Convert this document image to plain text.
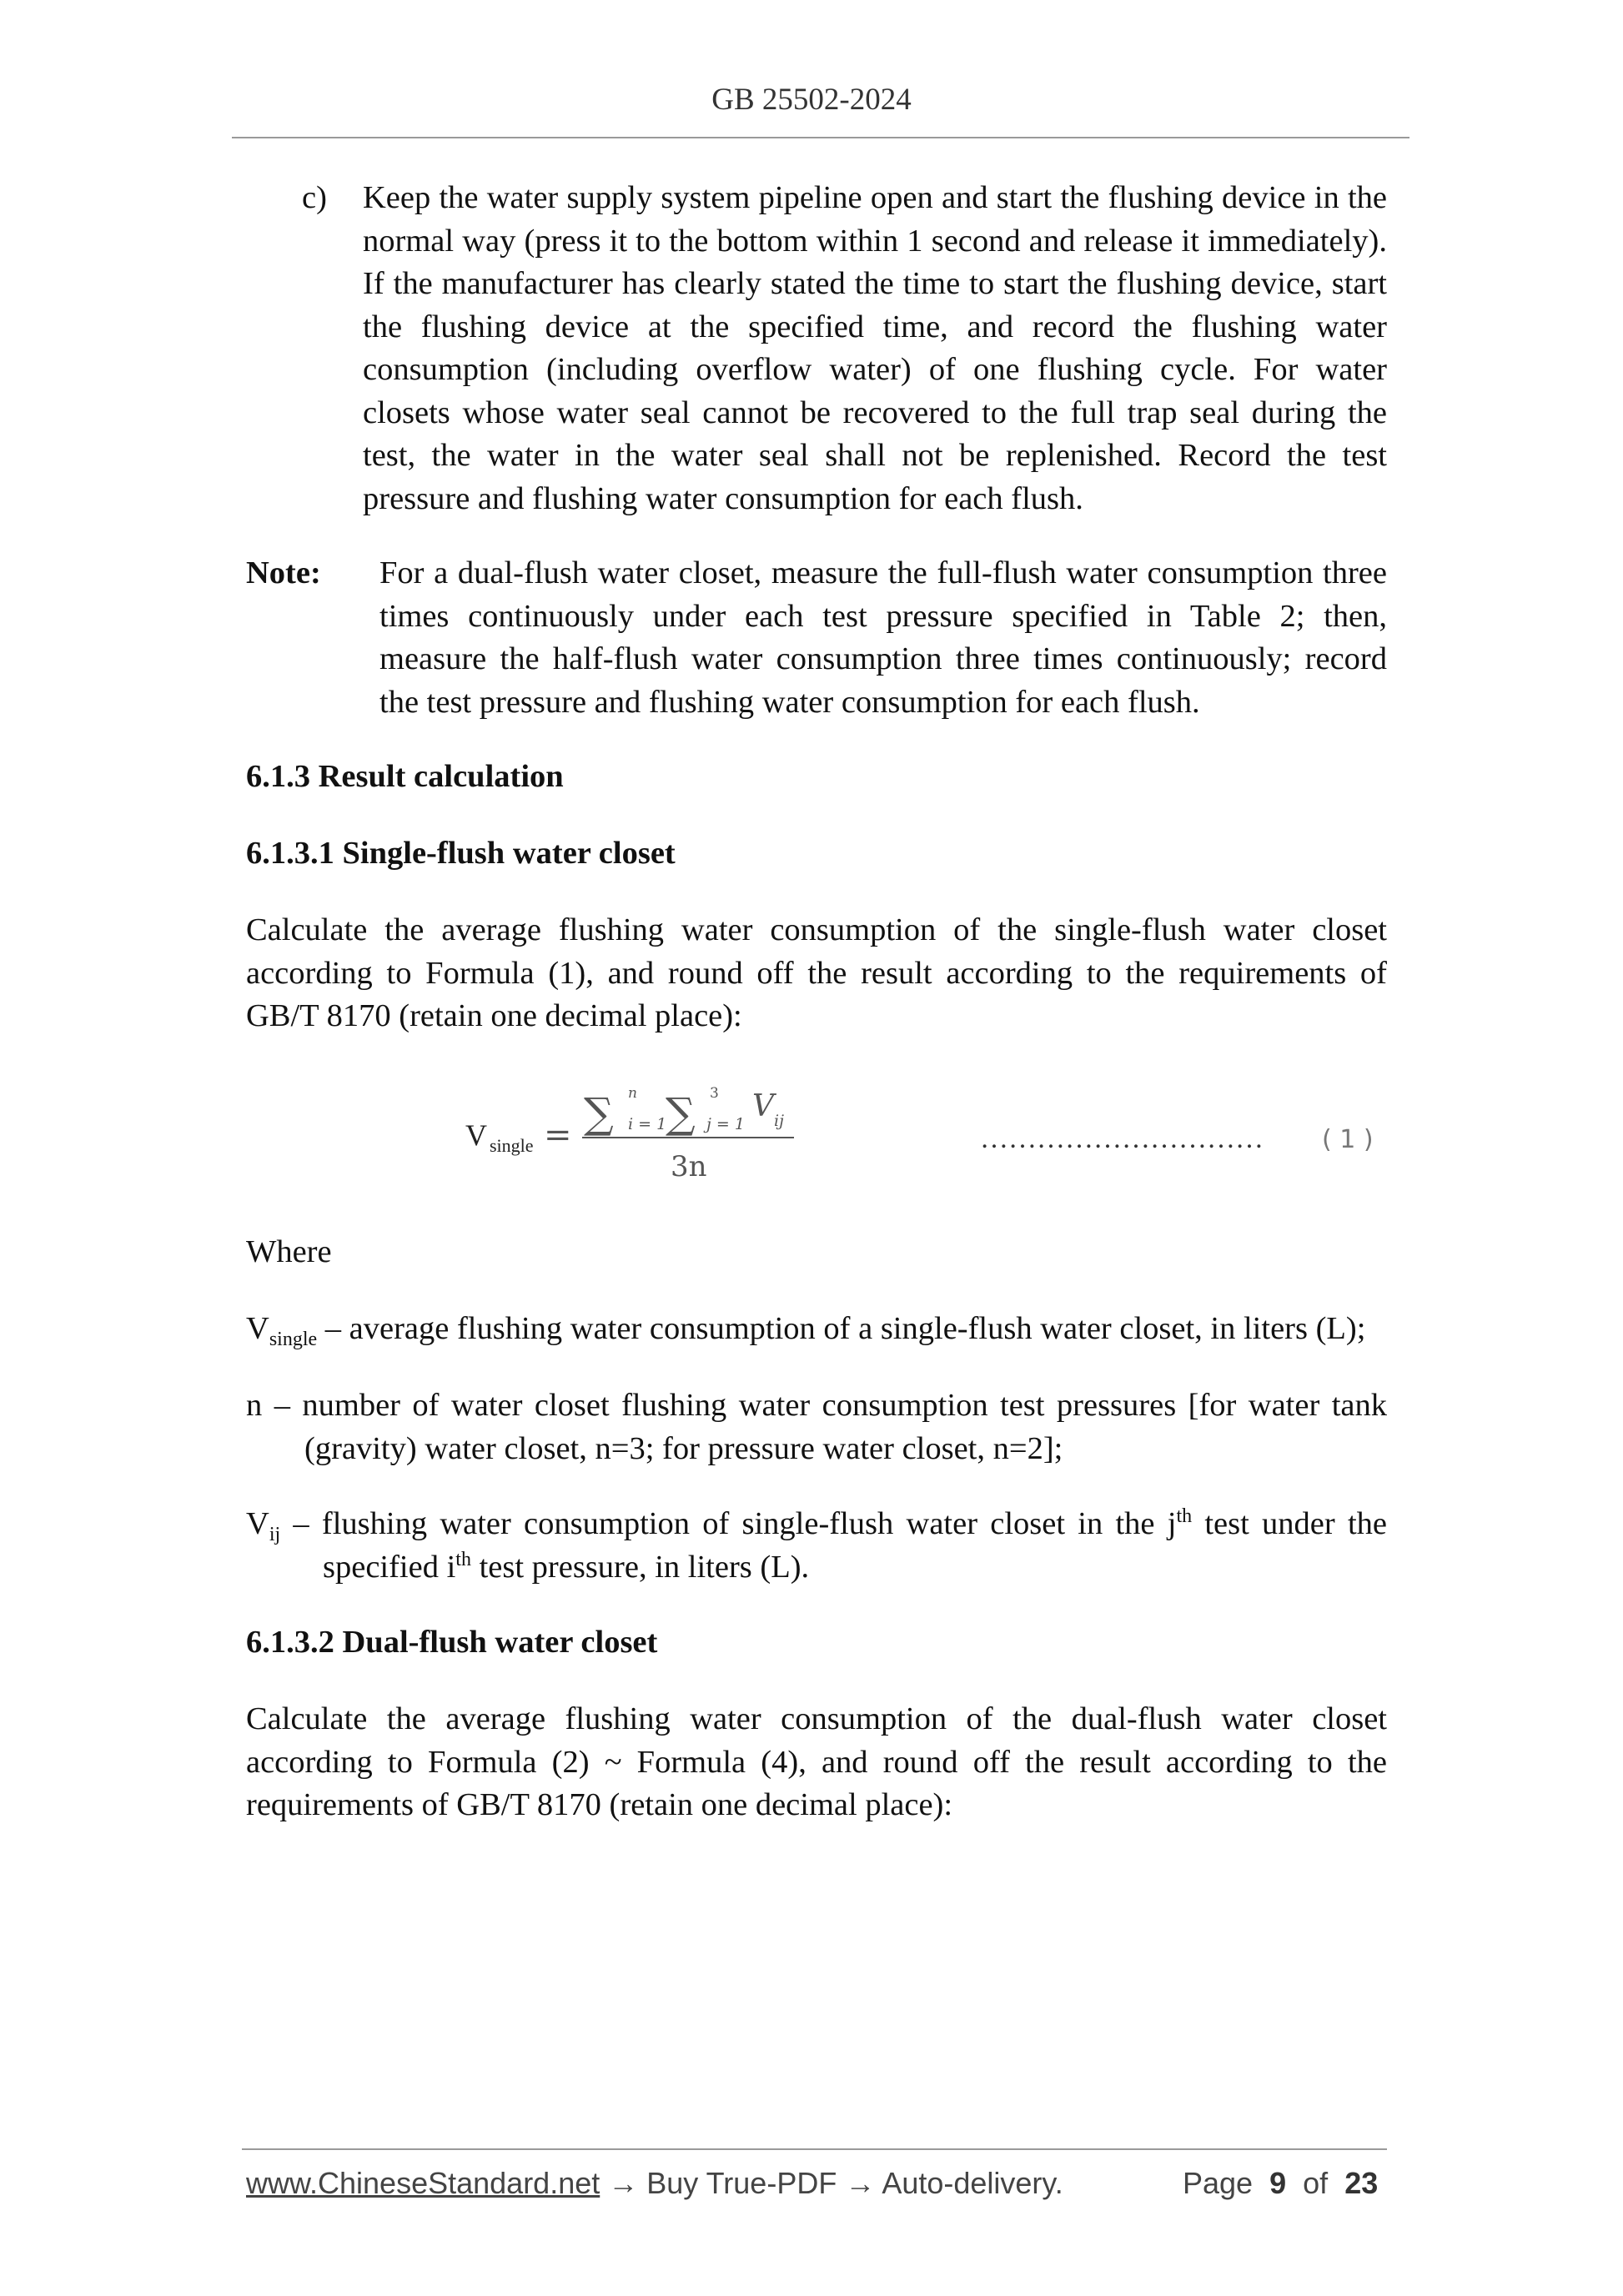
GB 25502-2024
c) Keep the water supply system pipeline open and start the flushing device in the normal way (press it to the bottom within 1 second and release it immediately). If the manufacturer has clearly stated the time to start the flushing device, start the flushing device at the specified time, and record the flushing water consumption (including overflow water) of one flushing cycle. For water closets whose water seal cannot be recovered to the full trap seal during the test, the water in the water seal shall not be replenished. Record the test pressure and flushing water consumption for each flush.
Note: For a dual-flush water closet, measure the full-flush water consumption three times continuously under each test pressure specified in Table 2; then, measure the half-flush water consumption three times continuously; record the test pressure and flushing water consumption for each flush.
6.1.3 Result calculation
6.1.3.1 Single-flush water closet
Calculate the average flushing water consumption of the single-flush water closet according to Formula (1), and round off the result according to the requirements of GB/T 8170 (retain one decimal place):
V single = ∑ n
i = 1
∑ 3
j = 1
V ij
3n
………………………… ( 1 )
Where
$V_{single}$ – average flushing water consumption of a single-flush water closet, in liters (L);
n – number of water closet flushing water consumption test pressures [for water tank (gravity) water closet, n=3; for pressure water closet, n=2];
$V_{ij}$ – flushing water consumption of single-flush water closet in the $j^{th}$ test under the specified $i^{th}$ test pressure, in liters (L).
6.1.3.2 Dual-flush water closet
Calculate the average flushing water consumption of the dual-flush water closet according to Formula (2) ~ Formula (4), and round off the result according to the requirements of GB/T 8170 (retain one decimal place):
www.ChineseStandard.net → Buy True-PDF → Auto-delivery.	Page 9 of 23
